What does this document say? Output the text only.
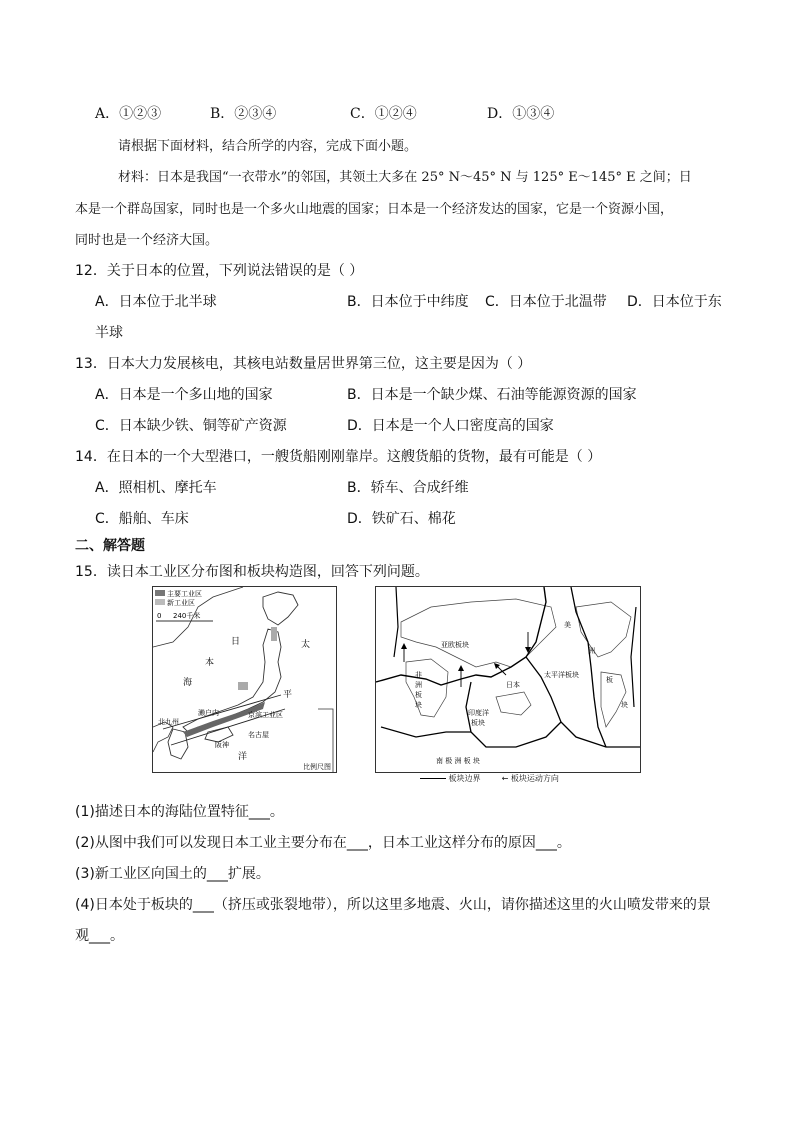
A．①②③	B．②③④	C．①②④	D．①③④
请根据下面材料，结合所学的内容，完成下面小题。
材料：日本是我国“一衣带水”的邻国，其领土大多在 25° N～45° N 与 125° E～145° E 之间；日
本是一个群岛国家，同时也是一个多火山地震的国家；日本是一个经济发达的国家，它是一个资源小国，
同时也是一个经济大国。
12．关于日本的位置，下列说法错误的是（ ）
A．日本位于北半球	B．日本位于中纬度 C．日本位于北温带 D．日本位于东
半球
13．日本大力发展核电，其核电站数量居世界第三位，这主要是因为（ ）
A．日本是一个多山地的国家	B．日本是一个缺少煤、石油等能源资源的国家
C．日本缺少铁、铜等矿产资源	D．日本是一个人口密度高的国家
14．在日本的一个大型港口，一艘货船刚刚靠岸。这艘货船的货物，最有可能是（ ）
A．照相机、摩托车	B．轿车、合成纤维
C．船舶、车床	D．铁矿石、棉花
二、解答题
15．读日本工业区分布图和板块构造图，回答下列问题。
主要工业区
新工业区
0 240千米
日
本
海
太
平
洋
濑户内
北九州
京滨工业区
名古屋
阪神
比例尺图
亚欧板块
非
洲
板
块
日本
太平洋板块
印度洋
板块
美
洲
板
块
南 极 洲 板 块
板块边界	← 板块运动方向
(1)描述日本的海陆位置特征___。
(2)从图中我们可以发现日本工业主要分布在___，日本工业这样分布的原因___。
(3)新工业区向国土的___扩展。
(4)日本处于板块的___（挤压或张裂地带），所以这里多地震、火山，请你描述这里的火山喷发带来的景
观___。
